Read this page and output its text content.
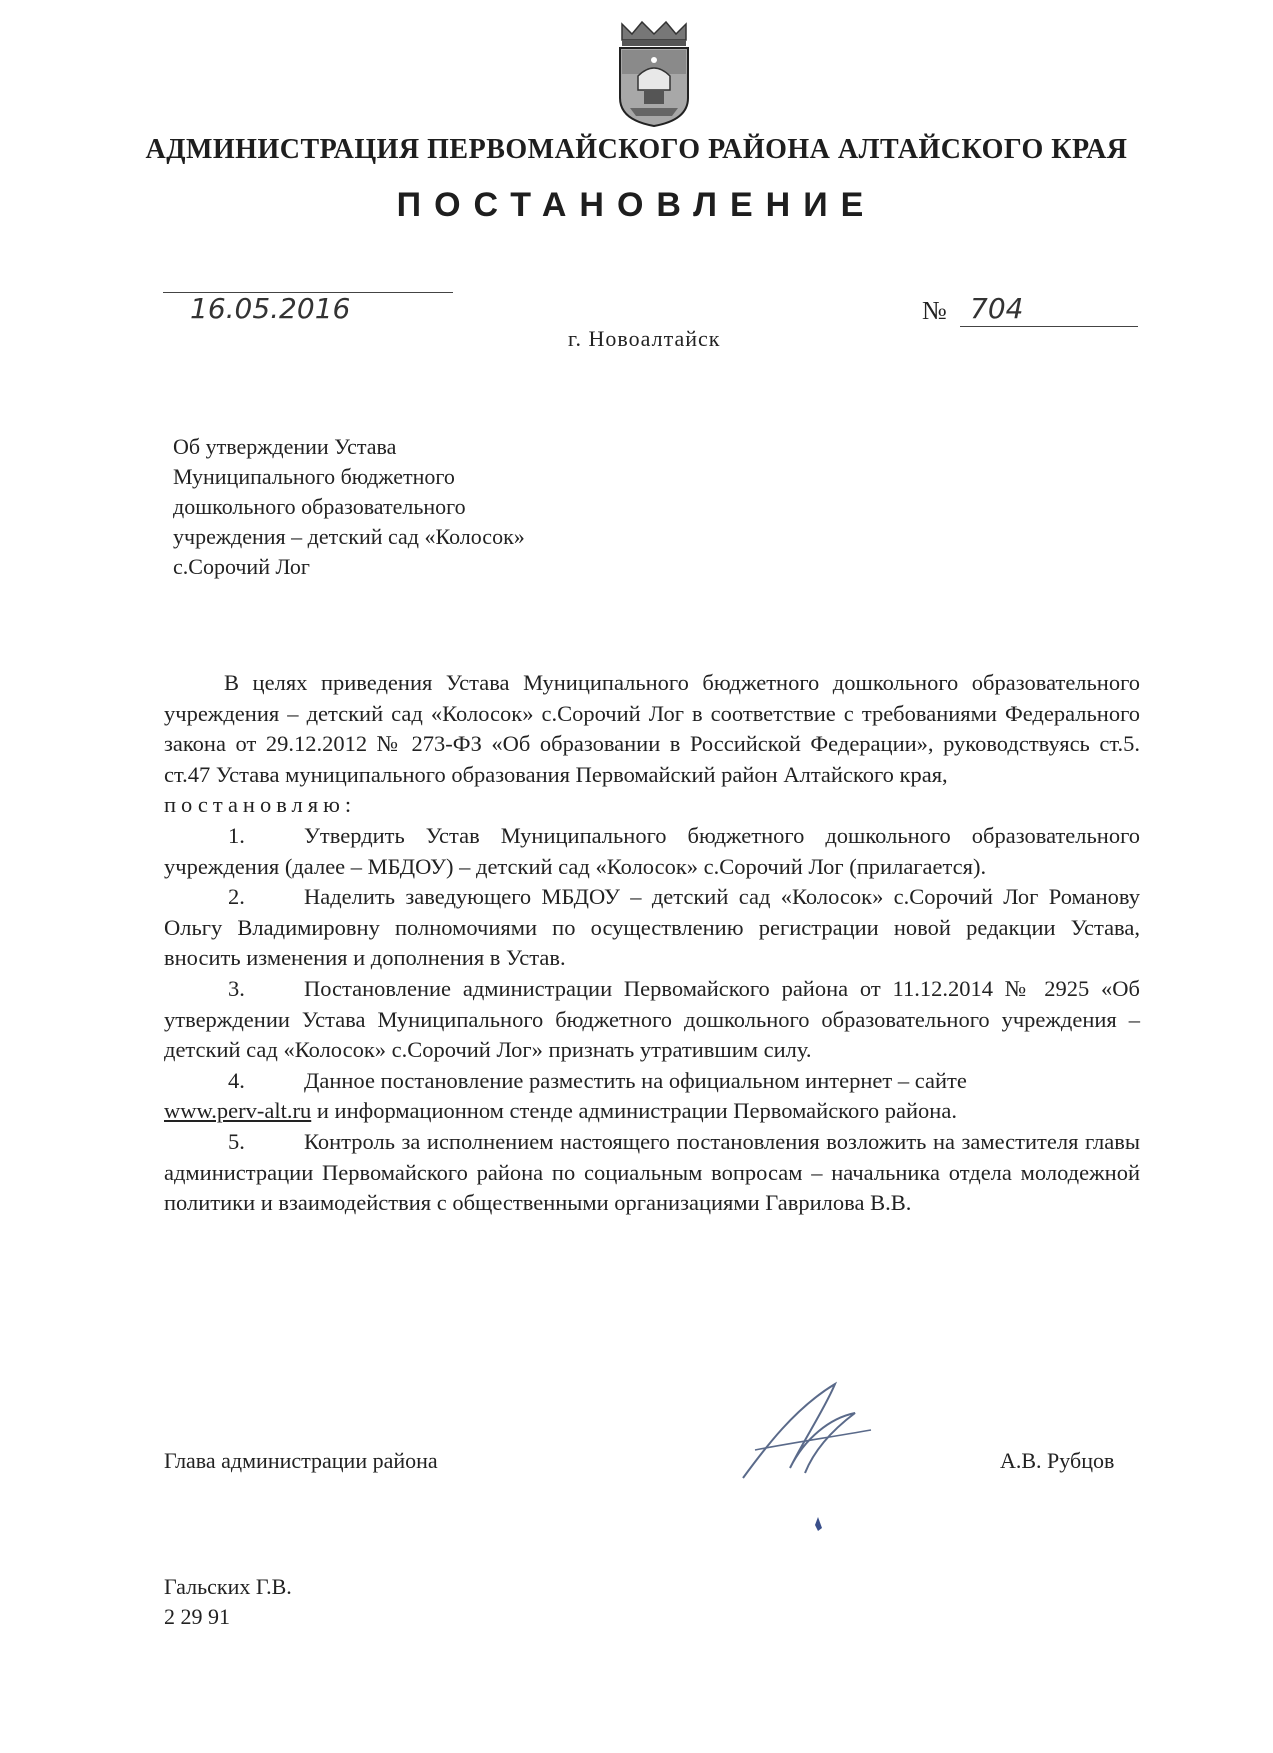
АДМИНИСТРАЦИЯ ПЕРВОМАЙСКОГО РАЙОНА АЛТАЙСКОГО КРАЯ
ПОСТАНОВЛЕНИЕ
16.05.2016	№ 704
г. Новоалтайск
Об утверждении Устава
Муниципального бюджетного
дошкольного образовательного
учреждения – детский сад «Колосок»
с.Сорочий Лог

В целях приведения Устава Муниципального бюджетного дошкольного образовательного учреждения – детский сад «Колосок» с.Сорочий Лог в соответствие с требованиями Федерального закона от 29.12.2012 № 273-ФЗ «Об образовании в Российской Федерации», руководствуясь ст.5. ст.47 Устава муниципального образования Первомайский район Алтайского края,

постановляю:

1.	Утвердить Устав Муниципального бюджетного дошкольного образовательного учреждения (далее – МБДОУ) – детский сад «Колосок» с.Сорочий Лог (прилагается).

2.	Наделить заведующего МБДОУ – детский сад «Колосок» с.Сорочий Лог Романову Ольгу Владимировну полномочиями по осуществлению регистрации новой редакции Устава, вносить изменения и дополнения в Устав.

3.	Постановление администрации Первомайского района от 11.12.2014 № 2925 «Об утверждении Устава Муниципального бюджетного дошкольного образовательного учреждения – детский сад «Колосок» с.Сорочий Лог» признать утратившим силу.

4.	Данное постановление разместить на официальном интернет – сайте
www.perv-alt.ru и информационном стенде администрации Первомайского района.

5.	Контроль за исполнением настоящего постановления возложить на заместителя главы администрации Первомайского района по социальным вопросам – начальника отдела молодежной политики и взаимодействия с общественными организациями Гаврилова В.В.

Глава администрации района	А.В. Рубцов
Гальских Г.В.
2 29 91
